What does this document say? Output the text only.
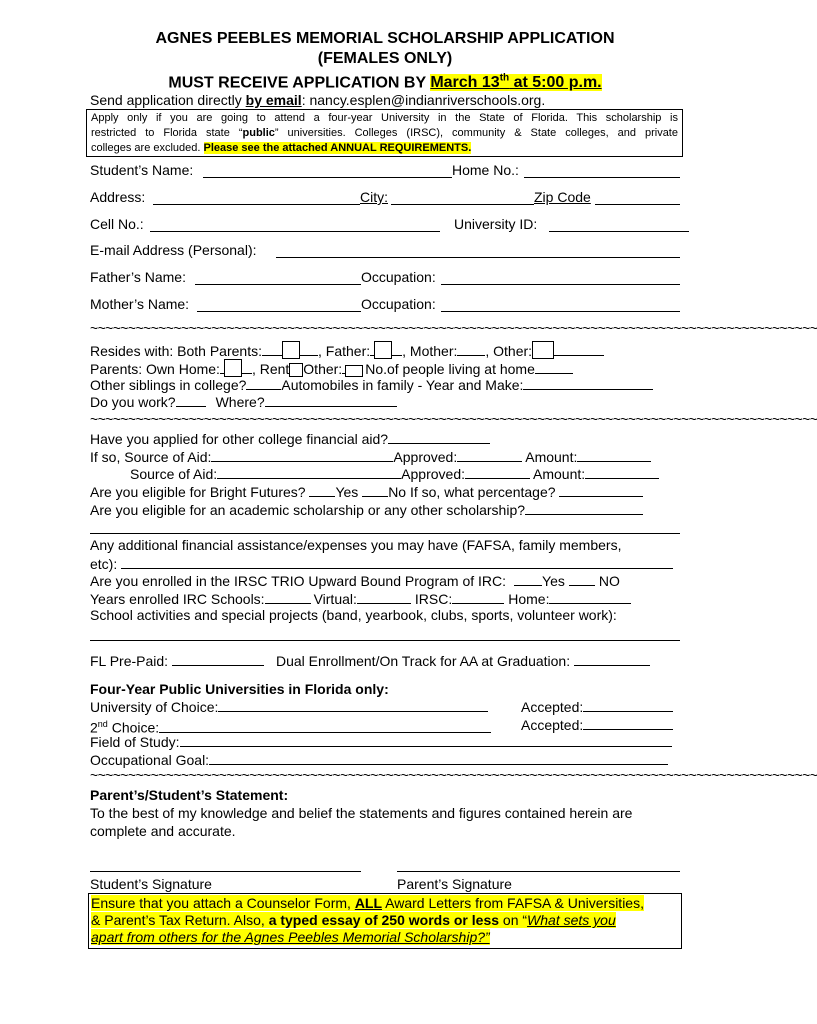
AGNES PEEBLES MEMORIAL SCHOLARSHIP APPLICATION
(FEMALES ONLY)
MUST RECEIVE APPLICATION BY March 13th at 5:00 p.m.
Send application directly by email: nancy.esplen@indianriverschools.org.
Apply only if you are going to attend a four-year University in the State of Florida. This scholarship is
restricted to Florida state “public” universities. Colleges (IRSC), community & State colleges, and private
colleges are excluded. Please see the attached ANNUAL REQUIREMENTS.
Student’s Name:	Home No.:
Address:	City:	Zip Code
Cell No.:	University ID:
E-mail Address (Personal):
Father’s Name:	Occupation:
Mother’s Name:	Occupation:
~~~~~~~~~~~~~~~~~~~~~~~~~~~~~~~~~~~~~~~~~~~~~~~~~~~~~~~~~~~~~~~~~~~~~~~~~~~~~~~~~~~~~~~~~~~~~~~~
Resides with: Both Parents:	, Father: , Mother: , Other:
Parents: Own Home: , Rent Other: No.of people living at home
Other siblings in college?	Automobiles in family - Year and Make:
Do you work?	Where?
~~~~~~~~~~~~~~~~~~~~~~~~~~~~~~~~~~~~~~~~~~~~~~~~~~~~~~~~~~~~~~~~~~~~~~~~~~~~~~~~~~~~~~~~~~~~~~~~
Have you applied for other college financial aid?
If so, Source of Aid:	Approved:	Amount:
Source of Aid:	Approved:	Amount:
Are you eligible for Bright Futures? Yes No If so, what percentage?
Are you eligible for an academic scholarship or any other scholarship?
Any additional financial assistance/expenses you may have (FAFSA, family members,
etc):
Are you enrolled in the IRSC TRIO Upward Bound Program of IRC:	Yes NO
Years enrolled IRC Schools:	Virtual:	IRSC:	Home:
School activities and special projects (band, yearbook, clubs, sports, volunteer work):
FL Pre-Paid:	Dual Enrollment/On Track for AA at Graduation:
Four-Year Public Universities in Florida only:
University of Choice:	Accepted:
2nd Choice:	Accepted:
Field of Study:
Occupational Goal:
~~~~~~~~~~~~~~~~~~~~~~~~~~~~~~~~~~~~~~~~~~~~~~~~~~~~~~~~~~~~~~~~~~~~~~~~~~~~~~~~~~~~~~~~~~~~~~~~
Parent’s/Student’s Statement:
To the best of my knowledge and belief the statements and figures contained herein are
complete and accurate.
Student’s Signature	Parent’s Signature
Ensure that you attach a Counselor Form, ALL Award Letters from FAFSA & Universities,
& Parent’s Tax Return. Also, a typed essay of 250 words or less on “What sets you
apart from others for the Agnes Peebles Memorial Scholarship?”
